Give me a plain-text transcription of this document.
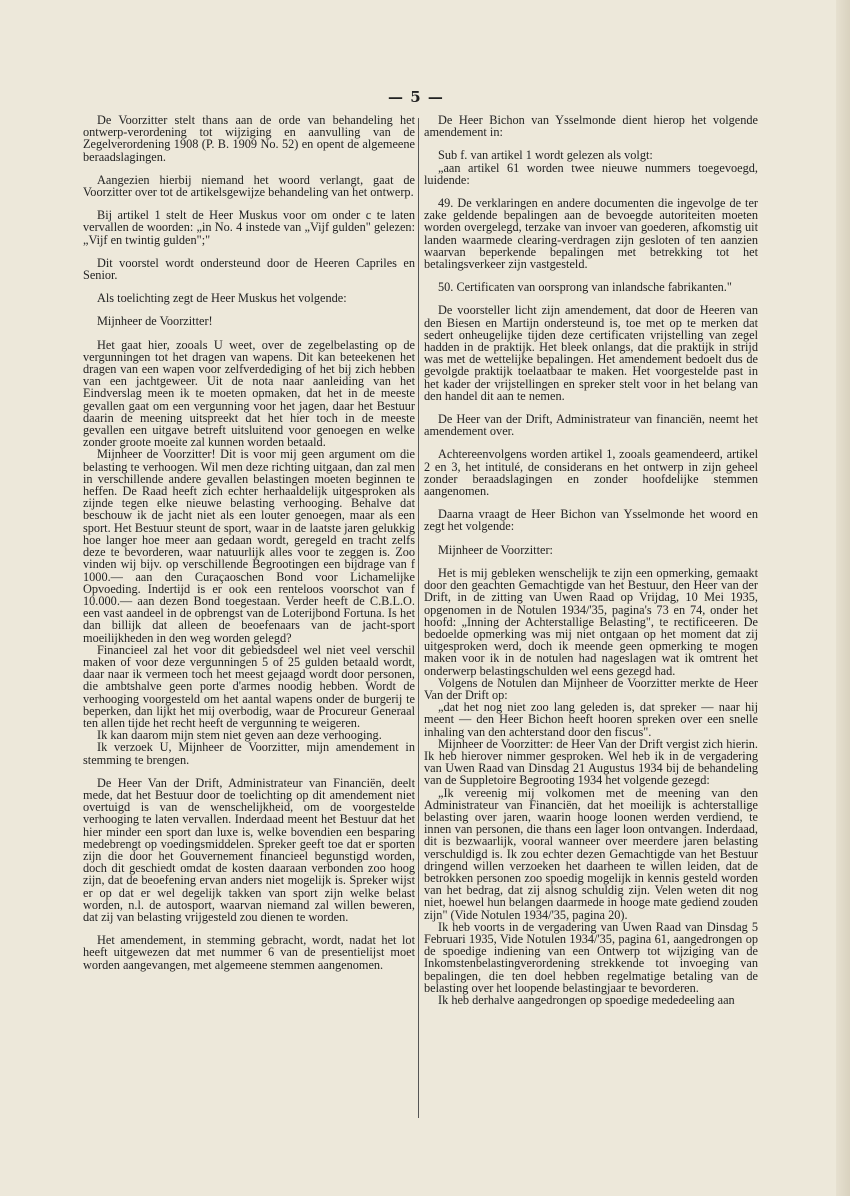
— 5 —

De Voorzitter stelt thans aan de orde van behandeling het ontwerp-verordening tot wijziging en aanvulling van de Zegelverordening 1908 (P. B. 1909 No. 52) en opent de algemeene beraadslagingen.

Aangezien hierbij niemand het woord verlangt, gaat de Voorzitter over tot de artikelsgewijze behandeling van het ontwerp.

Bij artikel 1 stelt de Heer Muskus voor om onder c te laten vervallen de woorden: „in No. 4 instede van „Vijf gulden" gelezen: „Vijf en twintig gulden";"

Dit voorstel wordt ondersteund door de Heeren Capriles en Senior.

Als toelichting zegt de Heer Muskus het volgende:

Mijnheer de Voorzitter!

Het gaat hier, zooals U weet, over de zegelbelasting op de vergunningen tot het dragen van wapens. Dit kan beteekenen het dragen van een wapen voor zelfverdediging of het bij zich hebben van een jachtgeweer. Uit de nota naar aanleiding van het Eindverslag meen ik te moeten opmaken, dat het in de meeste gevallen gaat om een vergunning voor het jagen, daar het Bestuur daarin de meening uitspreekt dat het hier toch in de meeste gevallen een uitgave betreft uitsluitend voor genoegen en welke zonder groote moeite zal kunnen worden betaald.

Mijnheer de Voorzitter! Dit is voor mij geen argument om die belasting te verhoogen. Wil men deze richting uitgaan, dan zal men in verschillende andere gevallen belastingen moeten beginnen te heffen. De Raad heeft zich echter herhaaldelijk uitgesproken als zijnde tegen elke nieuwe belasting verhooging. Behalve dat beschouw ik de jacht niet als een louter genoegen, maar als een sport. Het Bestuur steunt de sport, waar in de laatste jaren gelukkig hoe langer hoe meer aan gedaan wordt, geregeld en tracht zelfs deze te bevorderen, waar natuurlijk alles voor te zeggen is. Zoo vinden wij bijv. op verschillende Begrootingen een bijdrage van f 1000.— aan den Curaçaoschen Bond voor Lichamelijke Opvoeding. Indertijd is er ook een renteloos voorschot van f 10.000.— aan dezen Bond toegestaan. Verder heeft de C.B.L.O. een vast aandeel in de opbrengst van de Loterijbond Fortuna. Is het dan billijk dat alleen de beoefenaars van de jacht-sport moeilijkheden in den weg worden gelegd?

Financieel zal het voor dit gebiedsdeel wel niet veel verschil maken of voor deze vergunningen 5 of 25 gulden betaald wordt, daar naar ik vermeen toch het meest gejaagd wordt door personen, die ambtshalve geen porte d'armes noodig hebben. Wordt de verhooging voorgesteld om het aantal wapens onder de burgerij te beperken, dan lijkt het mij overbodig, waar de Procureur Generaal ten allen tijde het recht heeft de vergunning te weigeren.

Ik kan daarom mijn stem niet geven aan deze verhooging.

Ik verzoek U, Mijnheer de Voorzitter, mijn amendement in stemming te brengen.

De Heer Van der Drift, Administrateur van Financiën, deelt mede, dat het Bestuur door de toelichting op dit amendement niet overtuigd is van de wenschelijkheid, om de voorgestelde verhooging te laten vervallen. Inderdaad meent het Bestuur dat het hier minder een sport dan luxe is, welke bovendien een besparing medebrengt op voedingsmiddelen. Spreker geeft toe dat er sporten zijn die door het Gouvernement financieel begunstigd worden, doch dit geschiedt omdat de kosten daaraan verbonden zoo hoog zijn, dat de beoefening ervan anders niet mogelijk is. Spreker wijst er op dat er wel degelijk takken van sport zijn welke belast worden, n.l. de autosport, waarvan niemand zal willen beweren, dat zij van belasting vrijgesteld zou dienen te worden.

Het amendement, in stemming gebracht, wordt, nadat het lot heeft uitgewezen dat met nummer 6 van de presentielijst moet worden aangevangen, met algemeene stemmen aangenomen.

De Heer Bichon van Ysselmonde dient hierop het volgende amendement in:

Sub f. van artikel 1 wordt gelezen als volgt:

„aan artikel 61 worden twee nieuwe nummers toegevoegd, luidende:

49. De verklaringen en andere documenten die ingevolge de ter zake geldende bepalingen aan de bevoegde autoriteiten moeten worden overgelegd, terzake van invoer van goederen, afkomstig uit landen waarmede clearing-verdragen zijn gesloten of ten aanzien waarvan beperkende bepalingen met betrekking tot het betalingsverkeer zijn vastgesteld.

50. Certificaten van oorsprong van inlandsche fabrikanten."

De voorsteller licht zijn amendement, dat door de Heeren van den Biesen en Martijn ondersteund is, toe met op te merken dat sedert onheugelijke tijden deze certificaten vrijstelling van zegel hadden in de praktijk. Het bleek onlangs, dat die praktijk in strijd was met de wettelijke bepalingen. Het amendement bedoelt dus de gevolgde praktijk toelaatbaar te maken. Het voorgestelde past in het kader der vrijstellingen en spreker stelt voor in het belang van den handel dit aan te nemen.

De Heer van der Drift, Administrateur van financiën, neemt het amendement over.

Achtereenvolgens worden artikel 1, zooals geamendeerd, artikel 2 en 3, het intitulé, de considerans en het ontwerp in zijn geheel zonder beraadslagingen en zonder hoofdelijke stemmen aangenomen.

Daarna vraagt de Heer Bichon van Ysselmonde het woord en zegt het volgende:

Mijnheer de Voorzitter:

Het is mij gebleken wenschelijk te zijn een opmerking, gemaakt door den geachten Gemachtigde van het Bestuur, den Heer van der Drift, in de zitting van Uwen Raad op Vrijdag, 10 Mei 1935, opgenomen in de Notulen 1934/'35, pagina's 73 en 74, onder het hoofd: „Inning der Achterstallige Belasting", te rectificeeren. De bedoelde opmerking was mij niet ontgaan op het moment dat zij uitgesproken werd, doch ik meende geen opmerking te mogen maken voor ik in de notulen had nageslagen wat ik omtrent het onderwerp belastingschulden wel eens gezegd had.

Volgens de Notulen dan Mijnheer de Voorzitter merkte de Heer Van der Drift op:

„dat het nog niet zoo lang geleden is, dat spreker — naar hij meent — den Heer Bichon heeft hooren spreken over een snelle inhaling van den achterstand door den fiscus".

Mijnheer de Voorzitter: de Heer Van der Drift vergist zich hierin. Ik heb hierover nimmer gesproken. Wel heb ik in de vergadering van Uwen Raad van Dinsdag 21 Augustus 1934 bij de behandeling van de Suppletoire Begrooting 1934 het volgende gezegd:

„Ik vereenig mij volkomen met de meening van den Administrateur van Financiën, dat het moeilijk is achterstallige belasting over jaren, waarin hooge loonen werden verdiend, te innen van personen, die thans een lager loon ontvangen. Inderdaad, dit is bezwaarlijk, vooral wanneer over meerdere jaren belasting verschuldigd is. Ik zou echter dezen Gemachtigde van het Bestuur dringend willen verzoeken het daarheen te willen leiden, dat de betrokken personen zoo spoedig mogelijk in kennis gesteld worden van het bedrag, dat zij alsnog schuldig zijn. Velen weten dit nog niet, hoewel hun belangen daarmede in hooge mate gediend zouden zijn" (Vide Notulen 1934/'35, pagina 20).

Ik heb voorts in de vergadering van Uwen Raad van Dinsdag 5 Februari 1935, Vide Notulen 1934/'35, pagina 61, aangedrongen op de spoedige indiening van een Ontwerp tot wijziging van de Inkomstenbelastingverordening strekkende tot invoeging van bepalingen, die ten doel hebben regelmatige betaling van de belasting over het loopende belastingjaar te bevorderen.

Ik heb derhalve aangedrongen op spoedige mededeeling aan
